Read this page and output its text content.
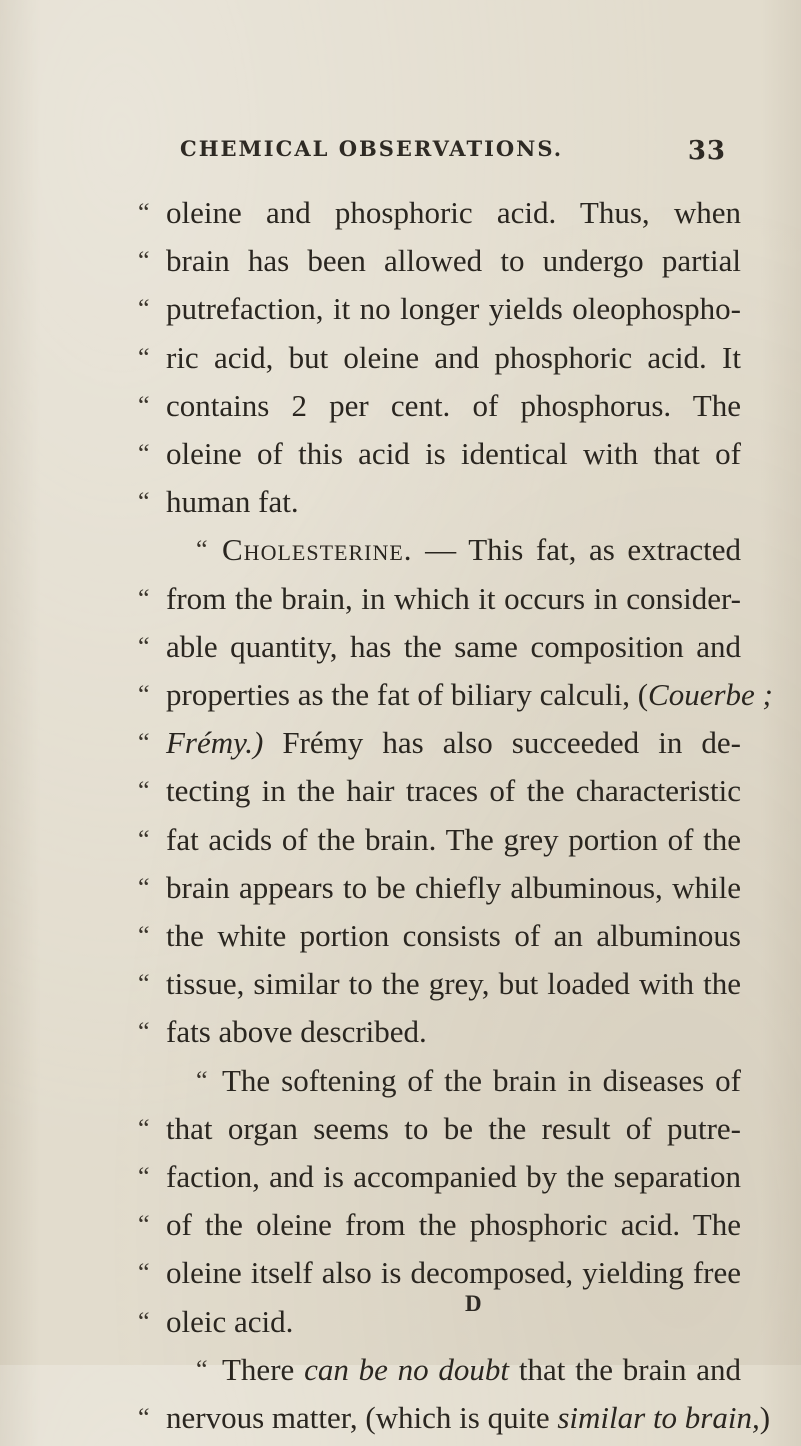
CHEMICAL OBSERVATIONS.	33
“ oleine and phosphoric acid. Thus, when
“ brain has been allowed to undergo partial
“ putrefaction, it no longer yields oleophospho-
“ ric acid, but oleine and phosphoric acid. It
“ contains 2 per cent. of phosphorus. The
“ oleine of this acid is identical with that of
“ human fat.
“ Cholesterine. — This fat, as extracted
“ from the brain, in which it occurs in consider-
“ able quantity, has the same composition and
“ properties as the fat of biliary calculi, (Couerbe ;
“ Frémy.) Frémy has also succeeded in de-
“ tecting in the hair traces of the characteristic
“ fat acids of the brain. The grey portion of the
“ brain appears to be chiefly albuminous, while
“ the white portion consists of an albuminous
“ tissue, similar to the grey, but loaded with the
“ fats above described.
“ The softening of the brain in diseases of
“ that organ seems to be the result of putre-
“ faction, and is accompanied by the separation
“ of the oleine from the phosphoric acid. The
“ oleine itself also is decomposed, yielding free
“ oleic acid.
“ There can be no doubt that the brain and
“ nervous matter, (which is quite similar to brain,)
D
